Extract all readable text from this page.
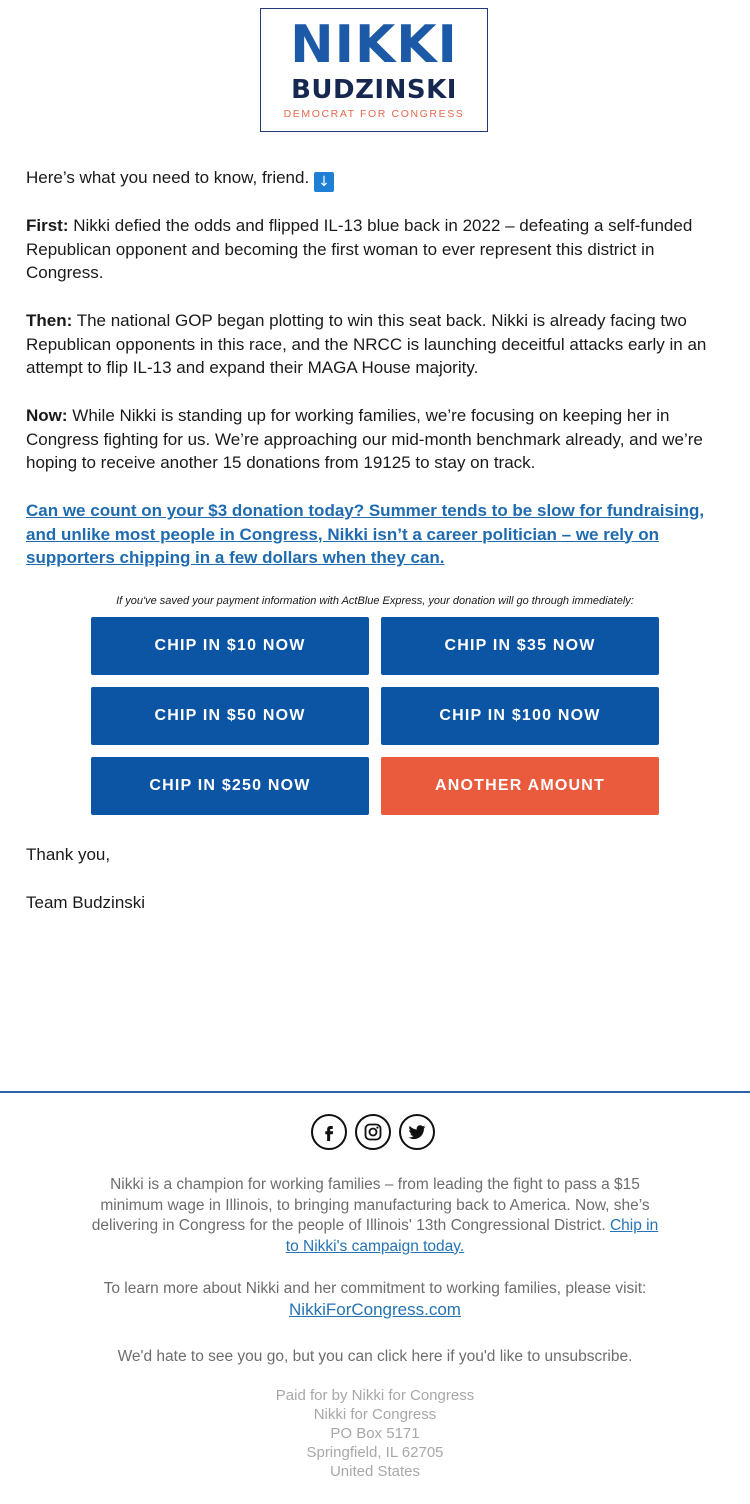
NIKKI
BUDZINSKI
DEMOCRAT FOR CONGRESS

Here’s what you need to know, friend. ↓

First: Nikki defied the odds and flipped IL-13 blue back in 2022 – defeating a self-funded Republican opponent and becoming the first woman to ever represent this district in Congress.

Then: The national GOP began plotting to win this seat back. Nikki is already facing two Republican opponents in this race, and the NRCC is launching deceitful attacks early in an attempt to flip IL-13 and expand their MAGA House majority.

Now: While Nikki is standing up for working families, we’re focusing on keeping her in Congress fighting for us. We’re approaching our mid-month benchmark already, and we’re hoping to receive another 15 donations from 19125 to stay on track.

Can we count on your $3 donation today? Summer tends to be slow for fundraising, and unlike most people in Congress, Nikki isn’t a career politician – we rely on supporters chipping in a few dollars when they can.

If you've saved your payment information with ActBlue Express, your donation will go through immediately:
CHIP IN $10 NOW	CHIP IN $35 NOW
CHIP IN $50 NOW	CHIP IN $100 NOW
CHIP IN $250 NOW	ANOTHER AMOUNT
Thank you,
Team Budzinski
Nikki is a champion for working families – from leading the fight to pass a $15 minimum wage in Illinois, to bringing manufacturing back to America. Now, she’s delivering in Congress for the people of Illinois' 13th Congressional District. Chip in to Nikki's campaign today.
To learn more about Nikki and her commitment to working families, please visit:
NikkiForCongress.com
We'd hate to see you go, but you can click here if you'd like to unsubscribe.
Paid for by Nikki for Congress
Nikki for Congress
PO Box 5171
Springfield, IL 62705
United States
